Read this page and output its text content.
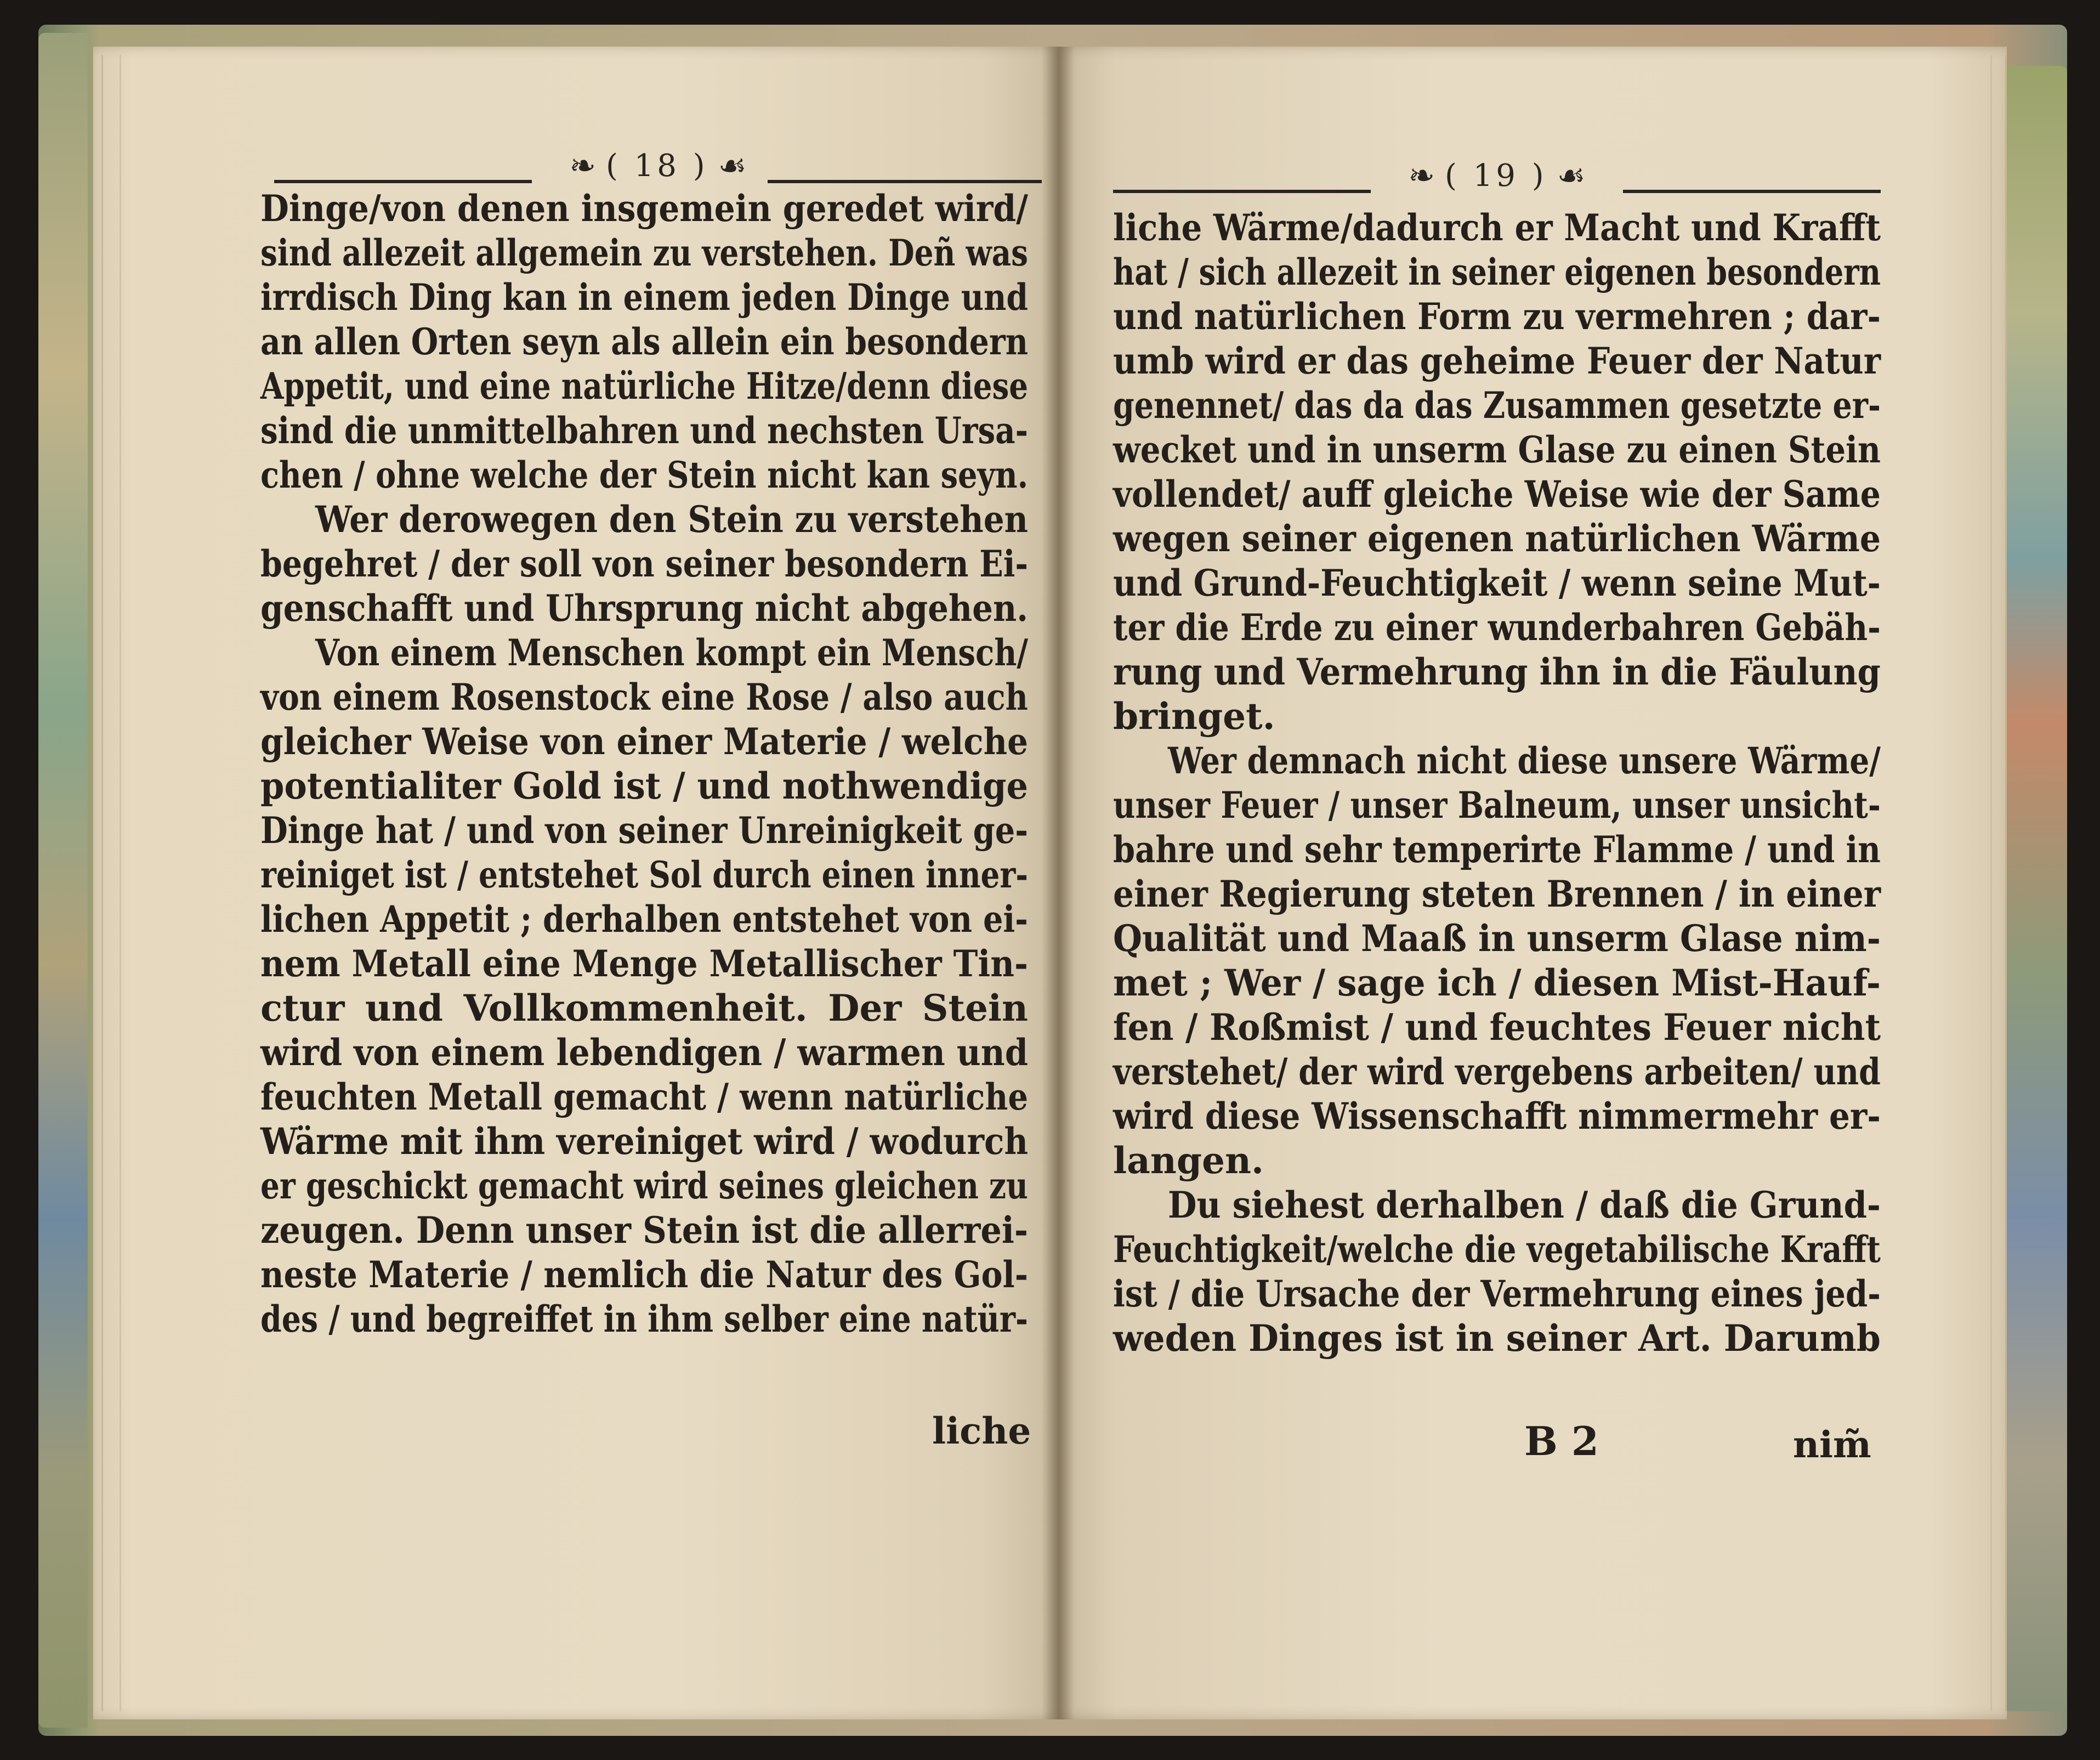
❧ ( 18 ) ☙	❧ ( 19 ) ☙
Dinge/von denen insgemein geredet wird/
sind allezeit allgemein zu verstehen. Deñ was
irrdisch Ding kan in einem jeden Dinge und
an allen Orten seyn als allein ein besondern
Appetit, und eine natürliche Hitze/denn diese
sind die unmittelbahren und nechsten Ursa-
chen / ohne welche der Stein nicht kan seyn.
Wer derowegen den Stein zu verstehen
begehret / der soll von seiner besondern Ei-
genschafft und Uhrsprung nicht abgehen.
Von einem Menschen kompt ein Mensch/
von einem Rosenstock eine Rose / also auch
gleicher Weise von einer Materie / welche
potentialiter Gold ist / und nothwendige
Dinge hat / und von seiner Unreinigkeit ge-
reiniget ist / entstehet Sol durch einen inner-
lichen Appetit ; derhalben entstehet von ei-
nem Metall eine Menge Metallischer Tin-
ctur und Vollkommenheit. Der Stein
wird von einem lebendigen / warmen und
feuchten Metall gemacht / wenn natürliche
Wärme mit ihm vereiniget wird / wodurch
er geschickt gemacht wird seines gleichen zu
zeugen. Denn unser Stein ist die allerrei-
neste Materie / nemlich die Natur des Gol-
des / und begreiffet in ihm selber eine natür-
liche
liche Wärme/dadurch er Macht und Krafft
hat / sich allezeit in seiner eigenen besondern
und natürlichen Form zu vermehren ; dar-
umb wird er das geheime Feuer der Natur
genennet/ das da das Zusammen gesetzte er-
wecket und in unserm Glase zu einen Stein
vollendet/ auff gleiche Weise wie der Same
wegen seiner eigenen natürlichen Wärme
und Grund-Feuchtigkeit / wenn seine Mut-
ter die Erde zu einer wunderbahren Gebäh-
rung und Vermehrung ihn in die Fäulung
bringet.
Wer demnach nicht diese unsere Wärme/
unser Feuer / unser Balneum, unser unsicht-
bahre und sehr temperirte Flamme / und in
einer Regierung steten Brennen / in einer
Qualität und Maaß in unserm Glase nim-
met ; Wer / sage ich / diesen Mist-Hauf-
fen / Roßmist / und feuchtes Feuer nicht
verstehet/ der wird vergebens arbeiten/ und
wird diese Wissenschafft nimmermehr er-
langen.
Du siehest derhalben / daß die Grund-
Feuchtigkeit/welche die vegetabilische Krafft
ist / die Ursache der Vermehrung eines jed-
weden Dinges ist in seiner Art. Darumb
B 2	nim̃
